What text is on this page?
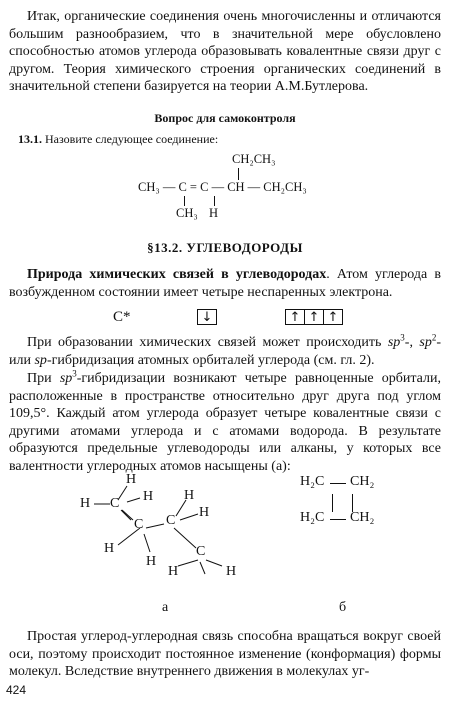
Итак, органические соединения очень многочисленны и отличаются большим разнообразием, что в значительной мере обусловлено способностью атомов углерода образовывать ковалентные связи друг с другом. Теория химического строения органических соединений в значительной степени базируется на теории А.М.Бутлерова.

Вопрос для самоконтроля
13.1. Назовите следующее соединение:
CH₂CH₃
CH₃ — C = C — CH — CH₂CH₃
CH₃ H
§13.2. УГЛЕВОДОРОДЫ

Природа химических связей в углеводородах. Атом углерода в возбужденном состоянии имеет четыре неспаренных электрона.

C*	↓	↑ ↑ ↑

При образовании химических связей может происходить $sp^3-$, $sp^2-$ или sp-гибридизация атомных орбиталей углерода (см. гл. 2).

При $sp^3$-гибридизации возникают четыре равноценные орбитали, расположенные в пространстве относительно друг друга под углом 109,5°. Каждый атом углерода образует четыре ковалентные связи с другими атомами углерода и с атомами водорода. В результате образуются предельные углеводороды или алканы, у которых все валентности углеродных атомов насыщены (а):

H
H	H
C
H
C C
H
H	C
H
H	H
а
H₂C CH₂
H₂C CH₂
б

Простая углерод-углеродная связь способна вращаться вокруг своей оси, поэтому происходит постоянное изменение (конформация) формы молекул. Вследствие внутреннего движения в молекулах уг-

424
